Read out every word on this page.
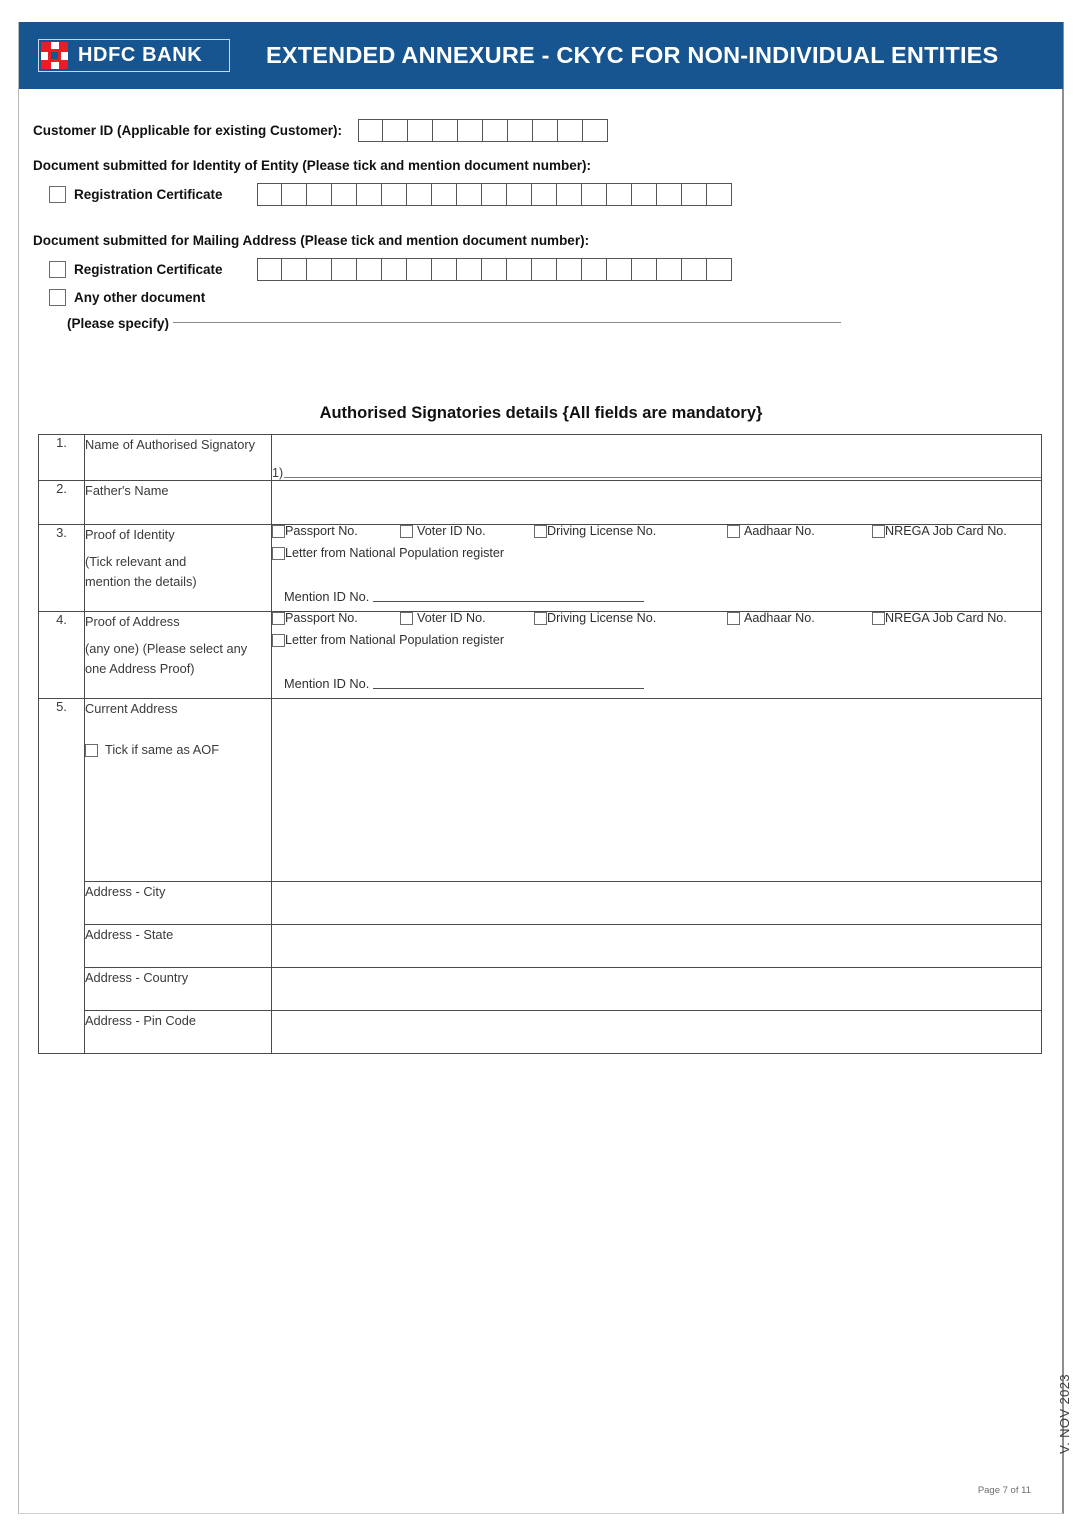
HDFC BANK	EXTENDED ANNEXURE - CKYC FOR NON-INDIVIDUAL ENTITIES
Customer ID (Applicable for existing Customer):
Document submitted for Identity of Entity (Please tick and mention document number):
Registration Certificate
Document submitted for Mailing Address (Please tick and mention document number):
Registration Certificate
Any other document
(Please specify)
Authorised Signatories details {All fields are mandatory}
1.	Name of Authorised Signatory	1)

2.	Father's Name	
3.	Proof of Identity
(Tick relevant and
mention the details)

Passport No.	Voter ID No.	Driving License No.	Aadhaar No.	NREGA Job Card No.
Letter from National Population register
Mention ID No.

4.	Proof of Address
(any one) (Please select any
one Address Proof)

Passport No.	Voter ID No.	Driving License No.	Aadhaar No.	NREGA Job Card No.
Letter from National Population register
Mention ID No.

5.	Current Address
Tick if same as AOF	

	Address - City	
	Address - State	
	Address - Country	
	Address - Pin Code	
V. NOV 2023
Page 7 of 11
